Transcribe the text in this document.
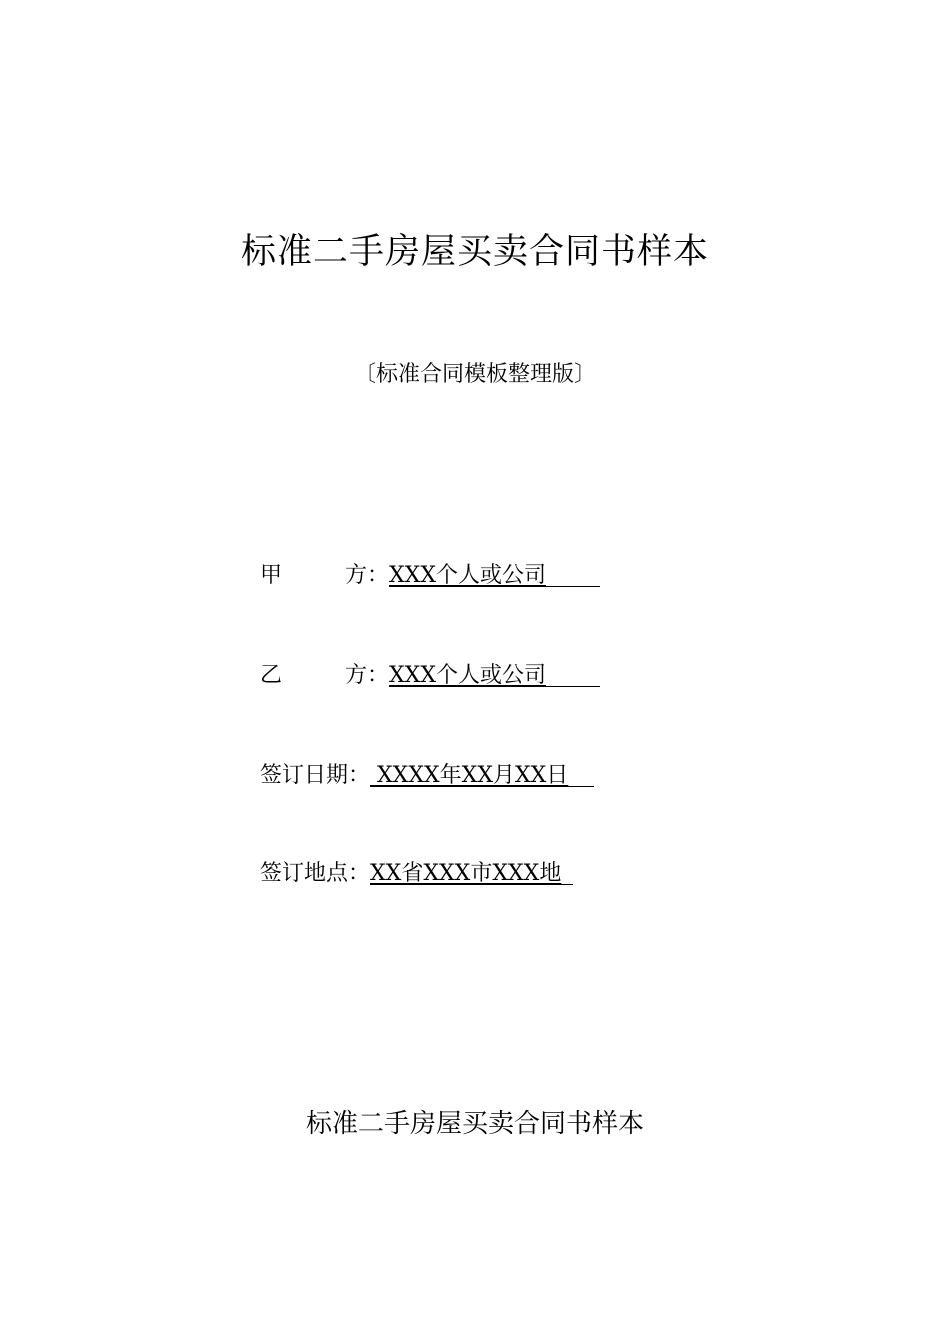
标准二手房屋买卖合同书样本
〔标准合同模板整理版〕
甲	方 ：XXX个人或公司
乙	方 ：XXX个人或公司
签订日期： XXXX年XX月XX日
签订地点：XX省XXX市XXX地
标准二手房屋买卖合同书样本
